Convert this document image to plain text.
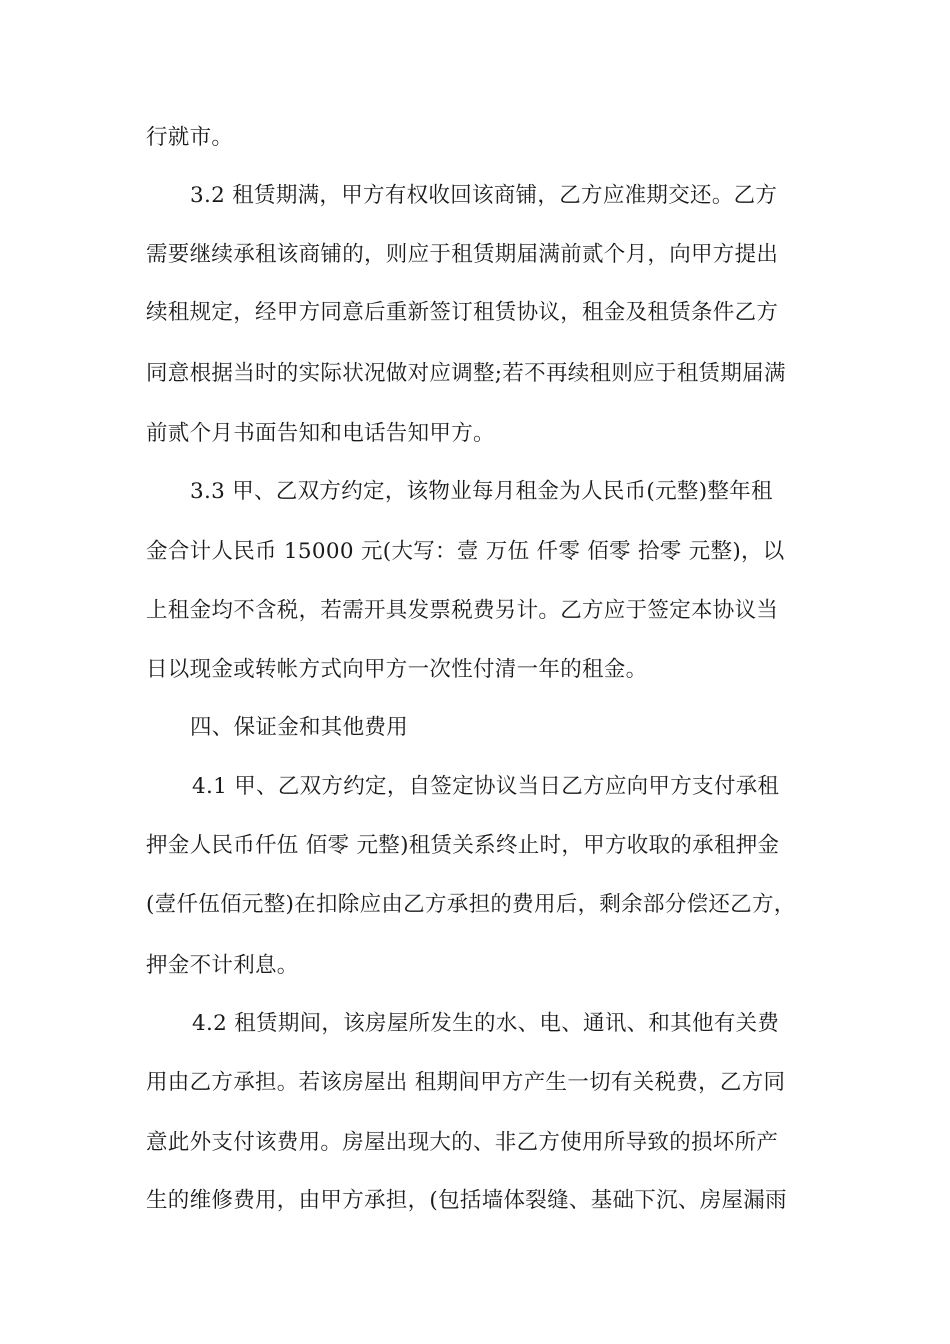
行就市。
3.2 租赁期满，甲方有权收回该商铺，乙方应准期交还。乙方
需要继续承租该商铺的，则应于租赁期届满前贰个月，向甲方提出
续租规定，经甲方同意后重新签订租赁协议，租金及租赁条件乙方
同意根据当时的实际状况做对应调整;若不再续租则应于租赁期届满
前贰个月书面告知和电话告知甲方。
3.3 甲、乙双方约定，该物业每月租金为人民币(元整)整年租
金合计人民币 15000 元(大写：壹 万伍 仟零 佰零 拾零 元整)，以
上租金均不含税，若需开具发票税费另计。乙方应于签定本协议当
日以现金或转帐方式向甲方一次性付清一年的租金。
四、保证金和其他费用
4.1 甲、乙双方约定，自签定协议当日乙方应向甲方支付承租
押金人民币仟伍 佰零 元整)租赁关系终止时，甲方收取的承租押金
(壹仟伍佰元整)在扣除应由乙方承担的费用后，剩余部分偿还乙方，
押金不计利息。
4.2 租赁期间，该房屋所发生的水、电、通讯、和其他有关费
用由乙方承担。若该房屋出 租期间甲方产生一切有关税费，乙方同
意此外支付该费用。房屋出现大的、非乙方使用所导致的损坏所产
生的维修费用，由甲方承担，(包括墙体裂缝、基础下沉、房屋漏雨
